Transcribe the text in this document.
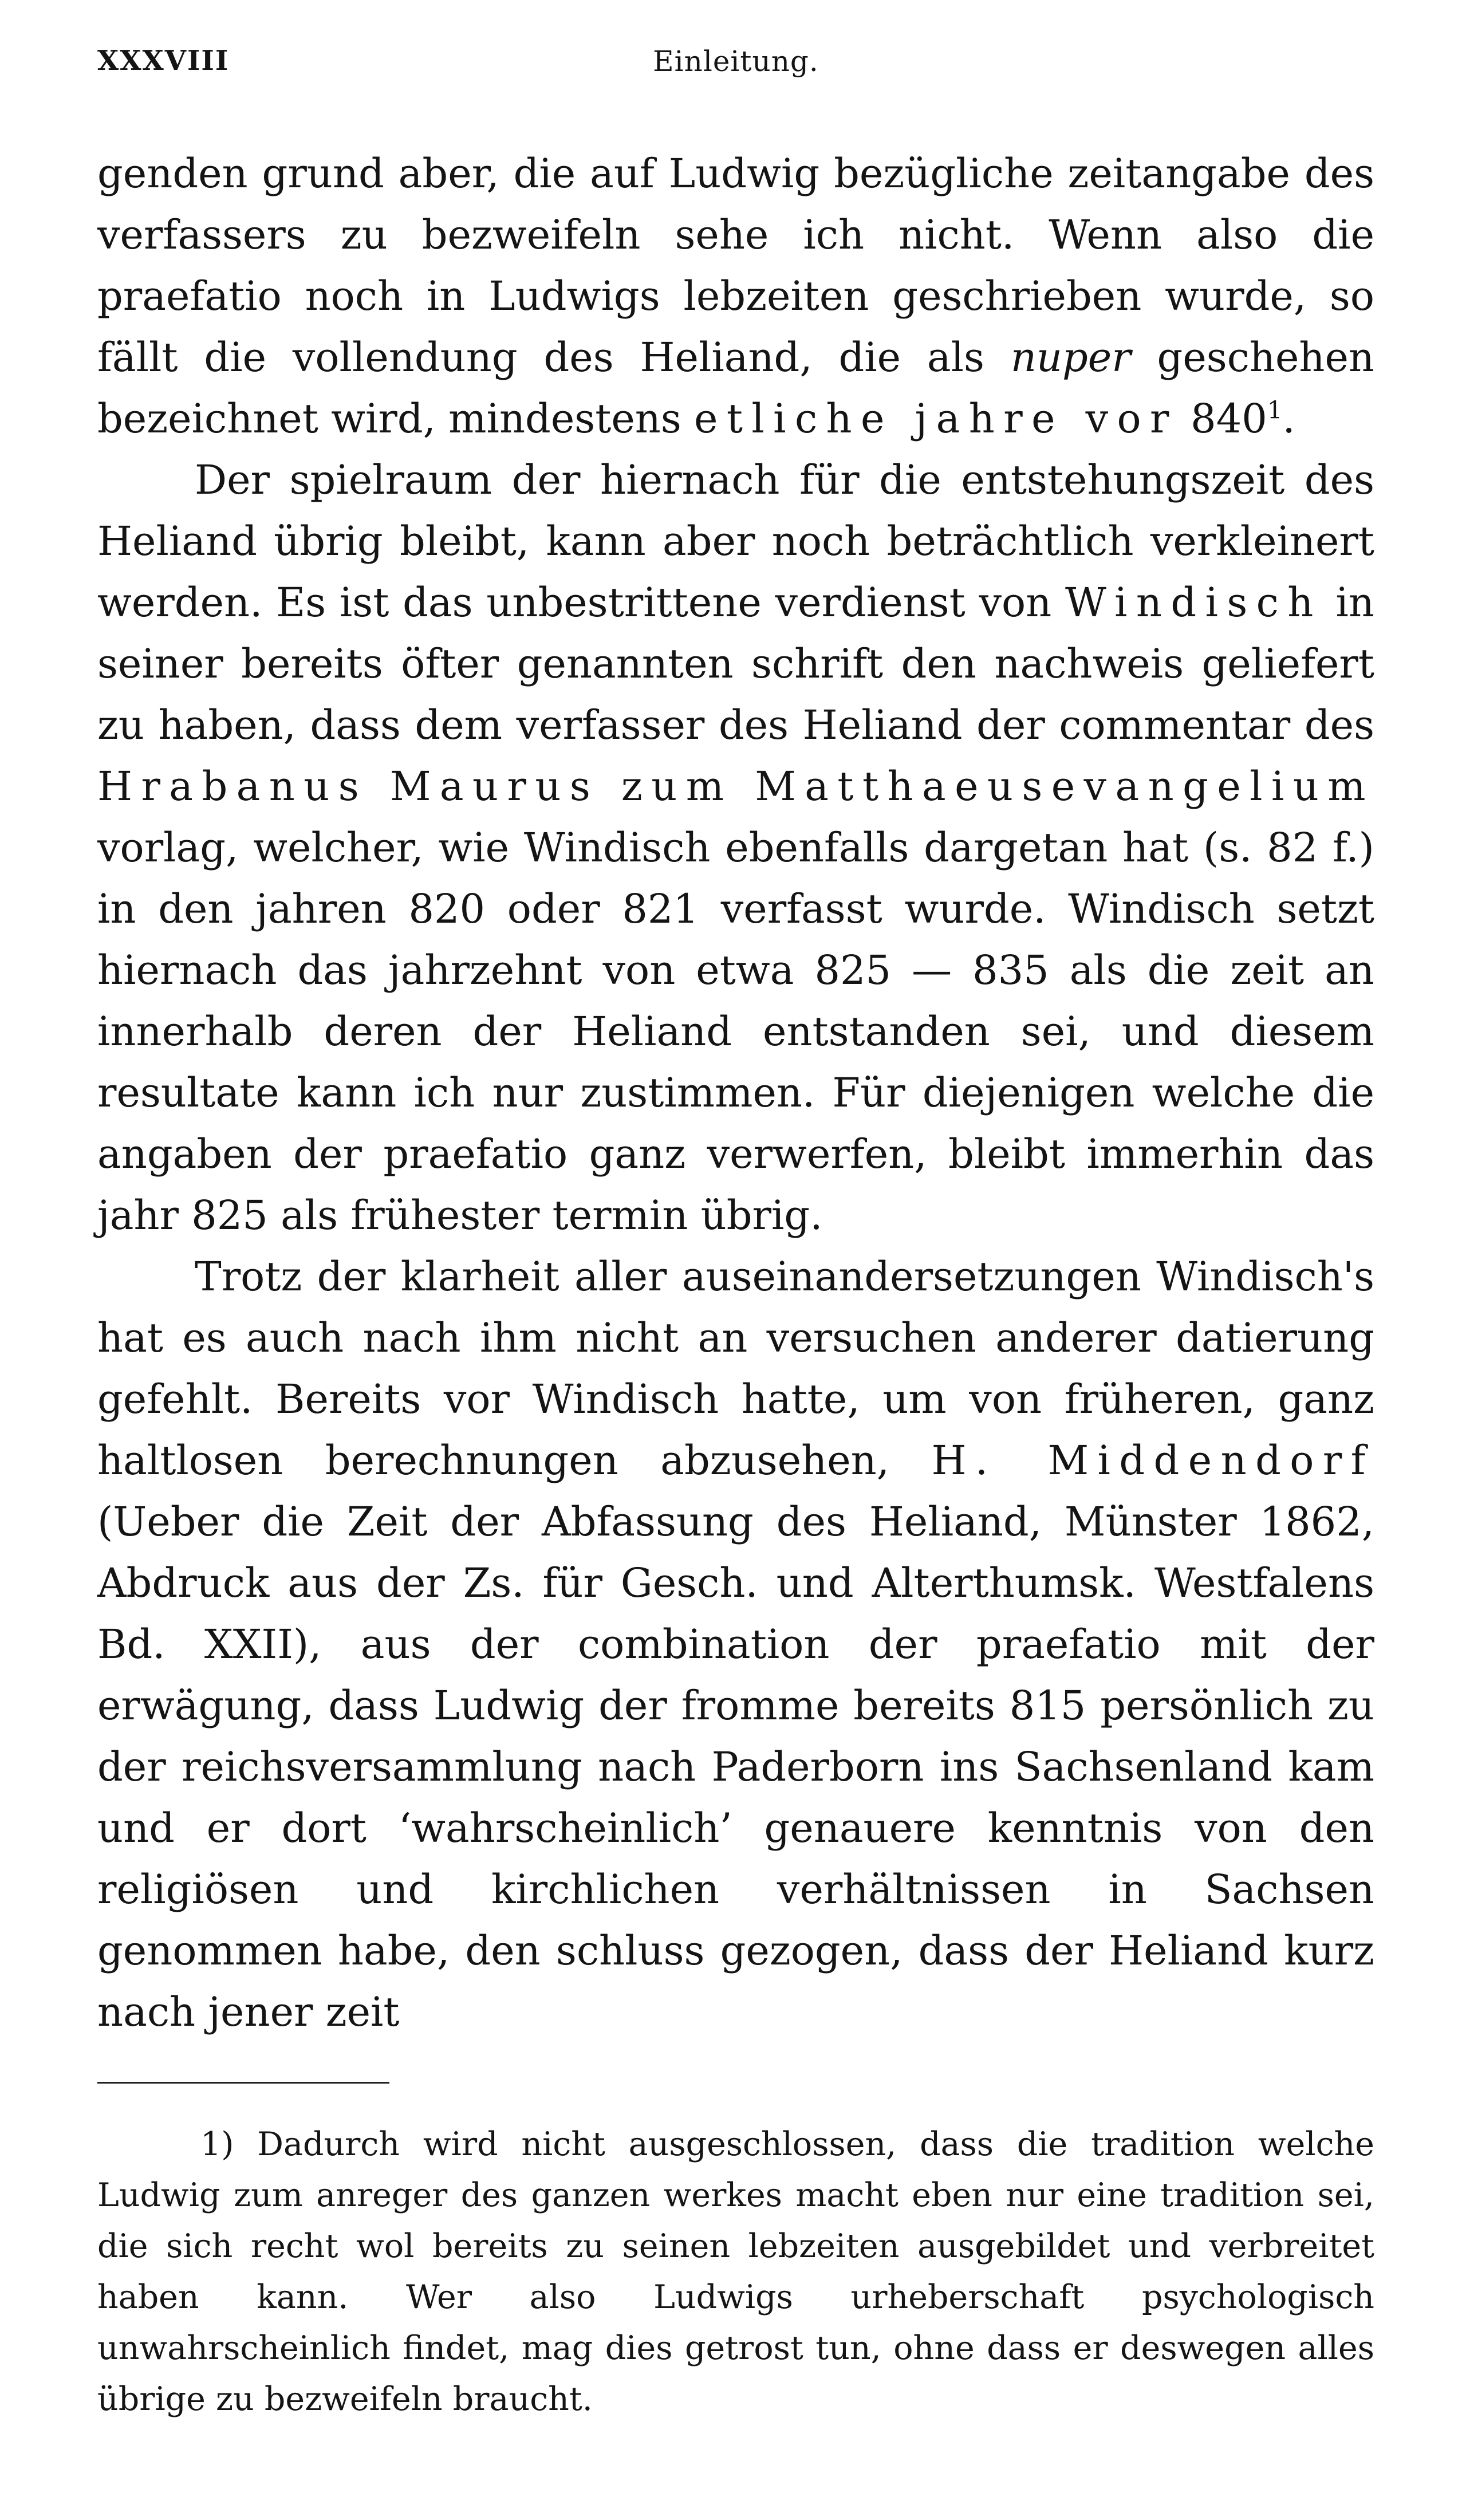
XXXVIII	Einleitung.

genden grund aber, die auf Ludwig bezügliche zeitangabe des verfassers zu bezweifeln sehe ich nicht. Wenn also die praefatio noch in Ludwigs lebzeiten geschrieben wurde, so fällt die vollendung des Heliand, die als nuper geschehen bezeichnet wird, mindestens etliche jahre vor $840^1$.

Der spielraum der hiernach für die entstehungszeit des Heliand übrig bleibt, kann aber noch beträchtlich verkleinert werden. Es ist das unbestrittene verdienst von Windisch in seiner bereits öfter genannten schrift den nachweis geliefert zu haben, dass dem verfasser des Heliand der commentar des Hrabanus Maurus zum Matthaeusevangelium vorlag, welcher, wie Windisch ebenfalls dargetan hat (s. 82 f.) in den jahren 820 oder 821 verfasst wurde. Windisch setzt hiernach das jahrzehnt von etwa 825 — 835 als die zeit an innerhalb deren der Heliand entstanden sei, und diesem resultate kann ich nur zustimmen. Für diejenigen welche die angaben der praefatio ganz verwerfen, bleibt immerhin das jahr 825 als frühester termin übrig.

Trotz der klarheit aller auseinandersetzungen Windisch's hat es auch nach ihm nicht an versuchen anderer datierung gefehlt. Bereits vor Windisch hatte, um von früheren, ganz haltlosen berechnungen abzusehen, H. Middendorf (Ueber die Zeit der Abfassung des Heliand, Münster 1862, Abdruck aus der Zs. für Gesch. und Alterthumsk. Westfalens Bd. XXII), aus der combination der praefatio mit der erwägung, dass Ludwig der fromme bereits 815 persönlich zu der reichsversammlung nach Paderborn ins Sachsenland kam und er dort ‘wahrscheinlich’ genauere kenntnis von den religiösen und kirchlichen verhältnissen in Sachsen genommen habe, den schluss gezogen, dass der Heliand kurz nach jener zeit

1) Dadurch wird nicht ausgeschlossen, dass die tradition welche Ludwig zum anreger des ganzen werkes macht eben nur eine tradition sei, die sich recht wol bereits zu seinen lebzeiten ausgebildet und verbreitet haben kann. Wer also Ludwigs urheberschaft psychologisch unwahrscheinlich findet, mag dies getrost tun, ohne dass er deswegen alles übrige zu bezweifeln braucht.
